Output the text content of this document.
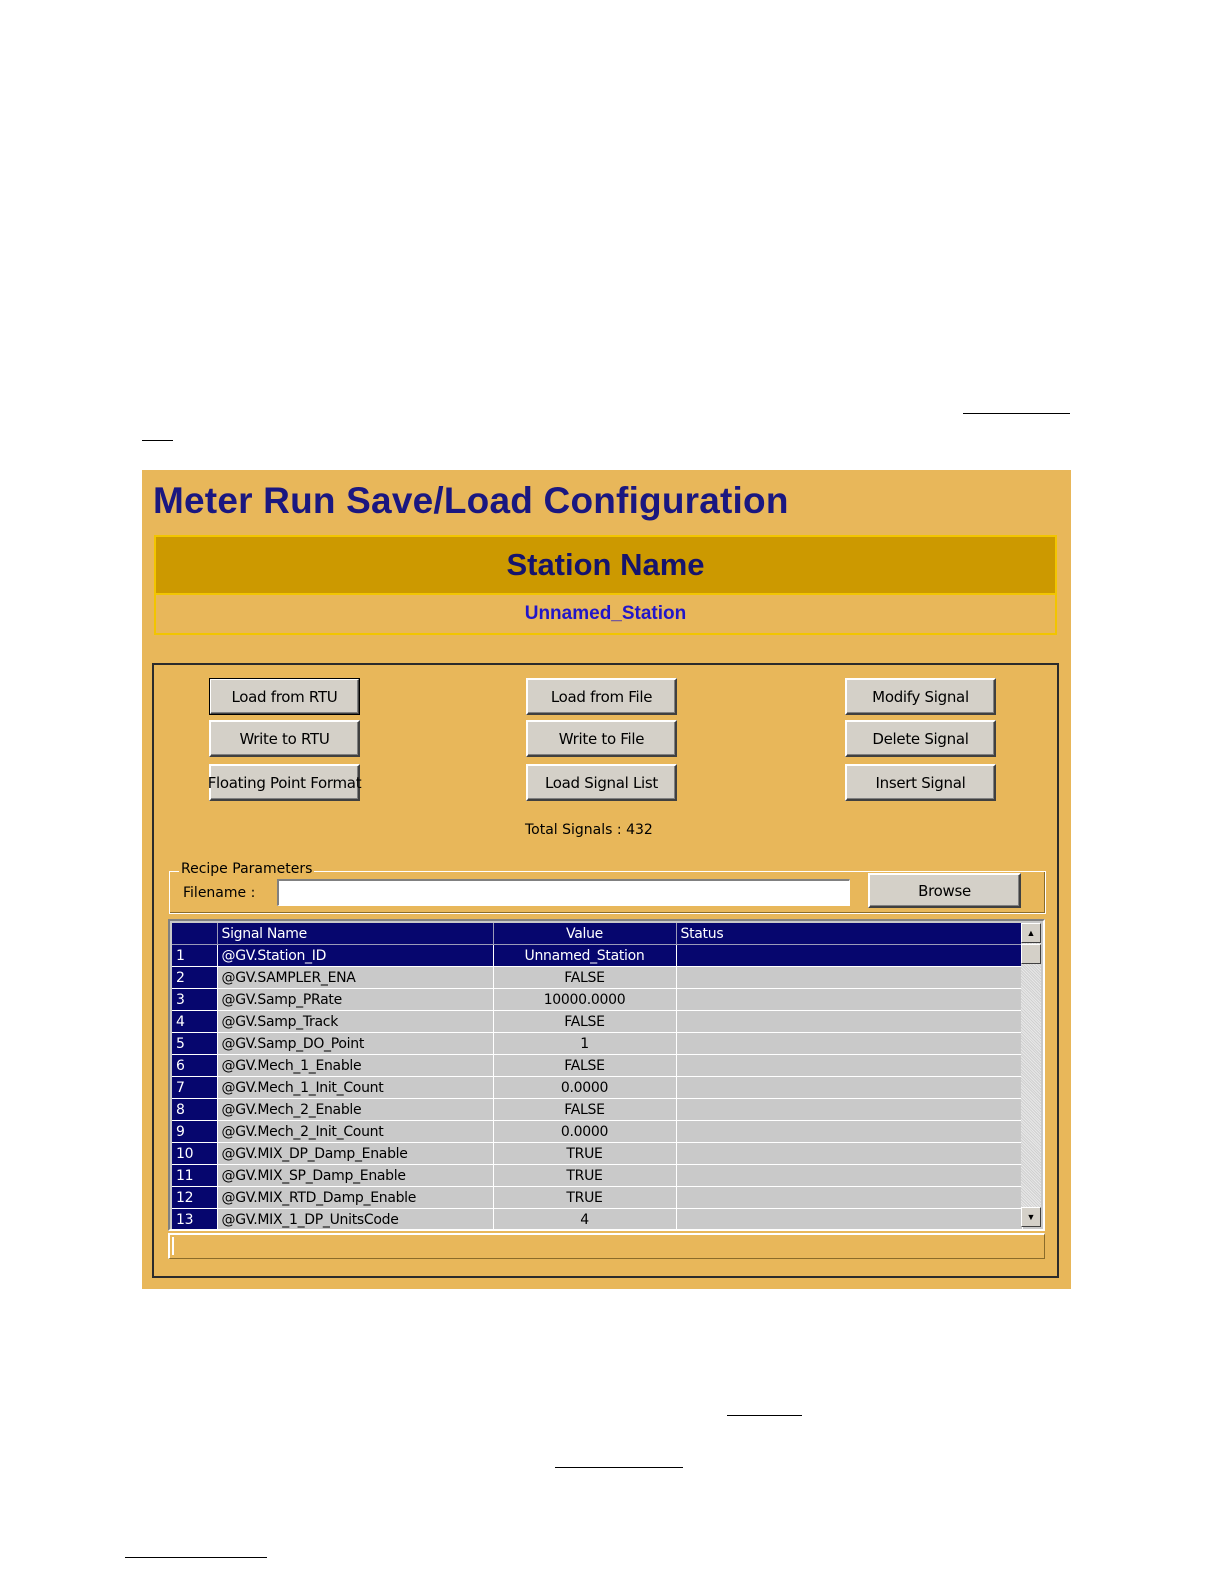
Meter Run Save/Load Configuration
Station Name
Unnamed_Station
Load from RTU
Write to RTU
Floating Point Format
Load from File
Write to File
Load Signal List
Modify Signal
Delete Signal
Insert Signal
Total Signals : 432
Recipe Parameters
Filename :	Browse
	Signal Name	Value	Status
1	@GV.Station_ID	Unnamed_Station	
2	@GV.SAMPLER_ENA	FALSE	
3	@GV.Samp_PRate	10000.0000	
4	@GV.Samp_Track	FALSE	
5	@GV.Samp_DO_Point	1	
6	@GV.Mech_1_Enable	FALSE	
7	@GV.Mech_1_Init_Count	0.0000	
8	@GV.Mech_2_Enable	FALSE	
9	@GV.Mech_2_Init_Count	0.0000	
10	@GV.MIX_DP_Damp_Enable	TRUE	
11	@GV.MIX_SP_Damp_Enable	TRUE	
12	@GV.MIX_RTD_Damp_Enable	TRUE	
13	@GV.MIX_1_DP_UnitsCode	4	
▲
▼
